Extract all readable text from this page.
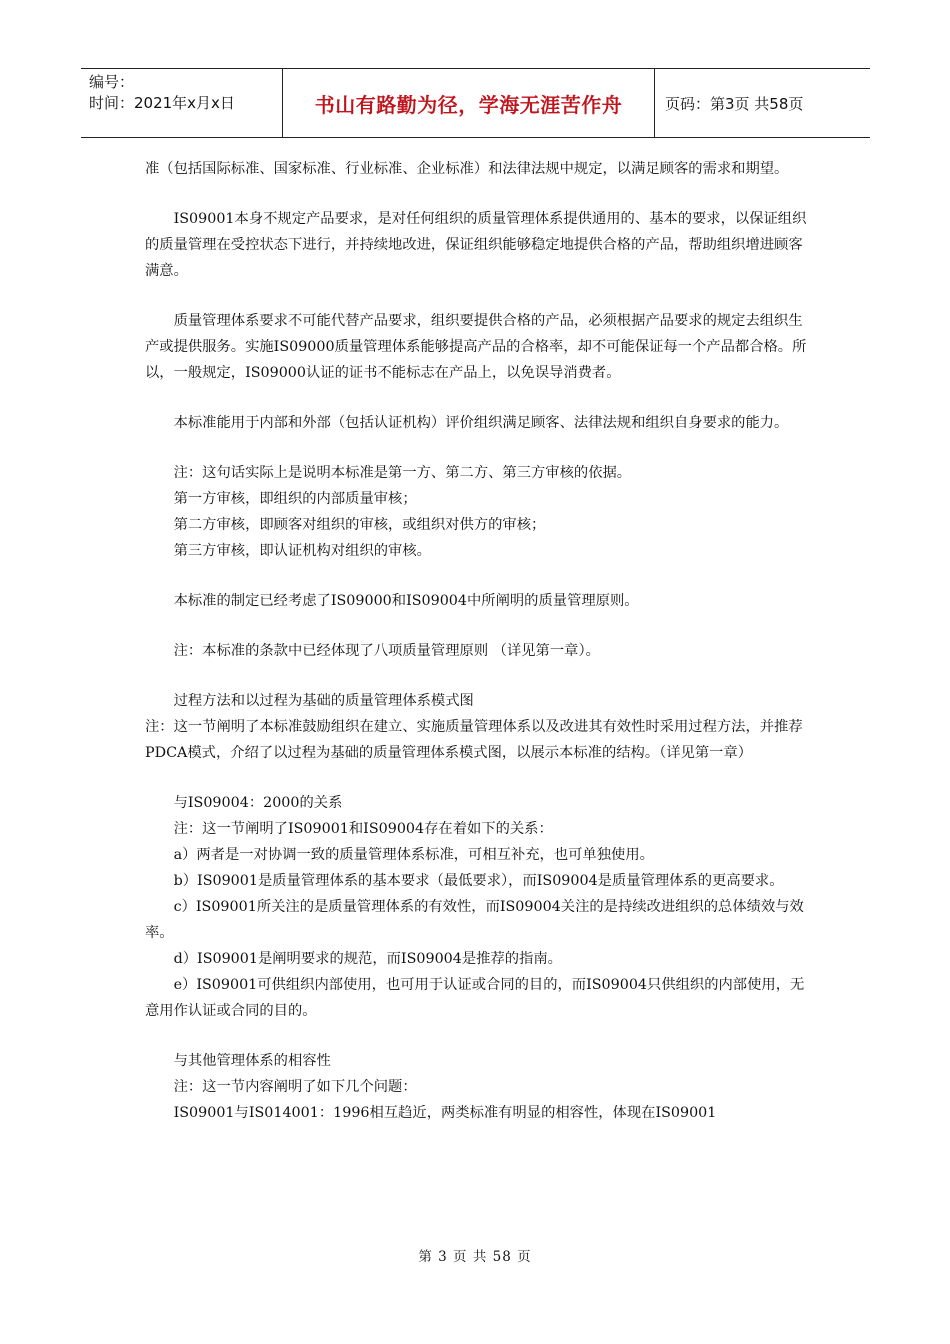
编号：
时间：2021年x月x日	书山有路勤为径，学海无涯苦作舟	页码：第3页 共58页

准（包括国际标准、国家标准、行业标准、企业标准）和法律法规中规定，以满足顾客的需求和期望。

IS09001本身不规定产品要求，是对任何组织的质量管理体系提供通用的、基本的要求，以保证组织的质量管理在受控状态下进行，并持续地改进，保证组织能够稳定地提供合格的产品，帮助组织增进顾客满意。

质量管理体系要求不可能代替产品要求，组织要提供合格的产品，必须根据产品要求的规定去组织生产或提供服务。实施IS09000质量管理体系能够提高产品的合格率，却不可能保证每一个产品都合格。所以，一般规定，IS09000认证的证书不能标志在产品上，以免误导消费者。

本标准能用于内部和外部（包括认证机构）评价组织满足顾客、法律法规和组织自身要求的能力。

注：这句话实际上是说明本标准是第一方、第二方、第三方审核的依据。

第一方审核，即组织的内部质量审核；

第二方审核，即顾客对组织的审核，或组织对供方的审核；

第三方审核，即认证机构对组织的审核。

本标准的制定已经考虑了IS09000和IS09004中所阐明的质量管理原则。

注：本标准的条款中已经体现了八项质量管理原则 （详见第一章）。

过程方法和以过程为基础的质量管理体系模式图

注：这一节阐明了本标准鼓励组织在建立、实施质量管理体系以及改进其有效性时采用过程方法，并推荐PDCA模式，介绍了以过程为基础的质量管理体系模式图，以展示本标准的结构。（详见第一章）

与IS09004：2000的关系

注：这一节阐明了IS09001和IS09004存在着如下的关系：

a）两者是一对协调一致的质量管理体系标准，可相互补充，也可单独使用。

b）IS09001是质量管理体系的基本要求（最低要求），而IS09004是质量管理体系的更高要求。

c）IS09001所关注的是质量管理体系的有效性，而IS09004关注的是持续改进组织的总体绩效与效率。

d）IS09001是阐明要求的规范，而IS09004是推荐的指南。

e）IS09001可供组织内部使用，也可用于认证或合同的目的，而IS09004只供组织的内部使用，无意用作认证或合同的目的。

与其他管理体系的相容性

注：这一节内容阐明了如下几个问题：

IS09001与IS014001：1996相互趋近，两类标准有明显的相容性，体现在IS09001

第 3 页 共 58 页
